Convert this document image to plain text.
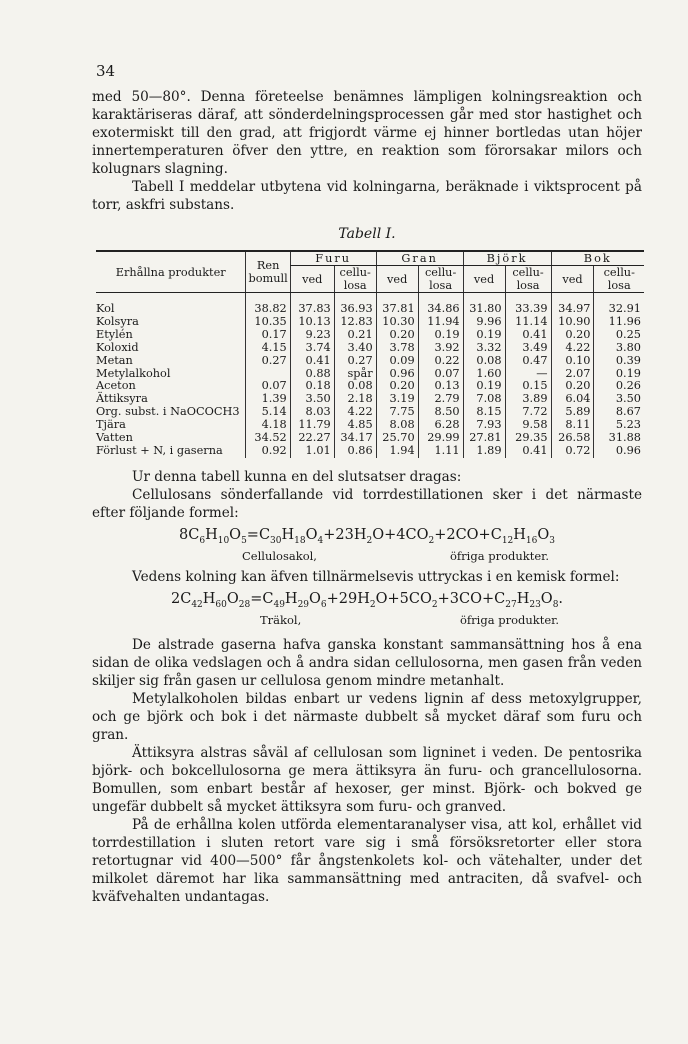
34

med 50—80°. Denna företeelse benämnes lämpligen kolningsreaktion och karaktäriseras däraf, att sönderdelningsprocessen går med stor hastighet och exotermiskt till den grad, att frigjordt värme ej hinner bortledas utan höjer innertemperaturen öfver den yttre, en reaktion som förorsakar milors och kolugnars slagning.

Tabell I meddelar utbytena vid kolningarna, beräknade i viktsprocent på torr, askfri substans.

Tabell I.
Erhållna produkter	Ren bomull	Furu		Gran		Björk		Bok	
		ved	cellu-losa	ved	cellu-losa	ved	cellu-losa	ved	cellu-losa
Kol	38.82	37.83	36.93	37.81	34.86	31.80	33.39	34.97	32.91
Kolsyra	10.35	10.13	12.83	10.30	11.94	9.96	11.14	10.90	11.96
Etylén	0.17	9.23	0.21	0.20	0.19	0.19	0.41	0.20	0.25
Koloxid	4.15	3.74	3.40	3.78	3.92	3.32	3.49	4.22	3.80
Metan	0.27	0.41	0.27	0.09	0.22	0.08	0.47	0.10	0.39
Metylalkohol		0.88	spår	0.96	0.07	1.60	—	2.07	0.19
Aceton	0.07	0.18	0.08	0.20	0.13	0.19	0.15	0.20	0.26
Ättiksyra	1.39	3.50	2.18	3.19	2.79	7.08	3.89	6.04	3.50
Org. subst. i NaOCOCH3	5.14	8.03	4.22	7.75	8.50	8.15	7.72	5.89	8.67
Tjära	4.18	11.79	4.85	8.08	6.28	7.93	9.58	8.11	5.23
Vatten	34.52	22.27	34.17	25.70	29.99	27.81	29.35	26.58	31.88
Förlust + N, i gaserna	0.92	1.01	0.86	1.94	1.11	1.89	0.41	0.72	0.96

Ur denna tabell kunna en del slutsatser dragas:

Cellulosans sönderfallande vid torrdestillationen sker i det närmaste efter följande formel:

$8C_6H_{10}O_5=C_{30}H_{18}O_4+23H_2O+4CO_2+2CO+C_{12}H_{16}O_3$
Cellulosakol,	öfriga produkter.

Vedens kolning kan äfven tillnärmelsevis uttryckas i en kemisk formel:

$2C_{42}H_{60}O_{28}=C_{49}H_{29}O_6+29H_2O+5CO_2+3CO+C_{27}H_{23}O_8$.
Träkol,	öfriga produkter.

De alstrade gaserna hafva ganska konstant sammansättning hos å ena sidan de olika vedslagen och å andra sidan cellulosorna, men gasen från veden skiljer sig från gasen ur cellulosa genom mindre metanhalt.

Metylalkoholen bildas enbart ur vedens lignin af dess metoxylgrupper, och ge björk och bok i det närmaste dubbelt så mycket däraf som furu och gran.

Ättiksyra alstras såväl af cellulosan som ligninet i veden. De pentosrika björk- och bokcellulosorna ge mera ättiksyra än furu- och grancellulosorna. Bomullen, som enbart består af hexoser, ger minst. Björk- och bokved ge ungefär dubbelt så mycket ättiksyra som furu- och granved.

På de erhållna kolen utförda elementaranalyser visa, att kol, erhållet vid torrdestillation i sluten retort vare sig i små försöksretorter eller stora retortugnar vid 400—500° får ångstenkolets kol- och vätehalter, under det milkolet däremot har lika sammansättning med antraciten, då svafvel- och kväfvehalten undantagas.
